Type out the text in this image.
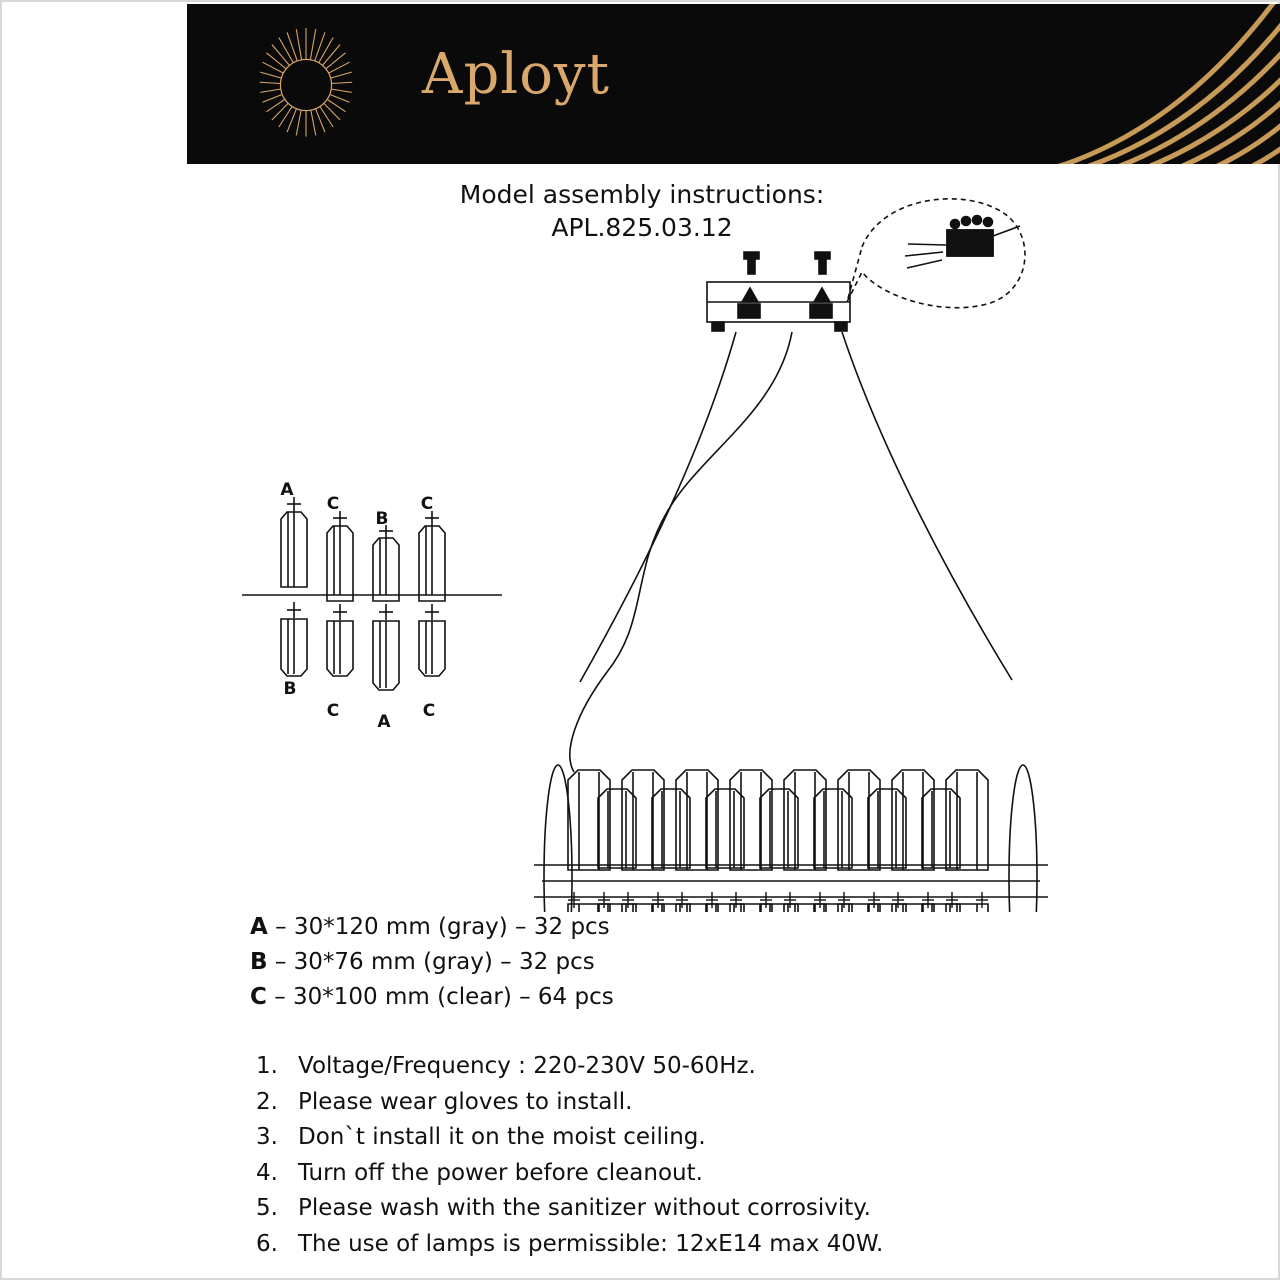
Aployt
Model assembly instructions:
APL.825.03.12
A
C
B
C
B
C
A
C
A – 30*120 mm (gray) – 32 pcs
B – 30*76 mm (gray) – 32 pcs
C – 30*100 mm (clear) – 64 pcs
1. Voltage/Frequency : 220-230V 50-60Hz.
2. Please wear gloves to install.
3. Don`t install it on the moist ceiling.
4. Turn off the power before cleanout.
5. Please wash with the sanitizer without corrosivity.
6. The use of lamps is permissible: 12xE14 max 40W.
